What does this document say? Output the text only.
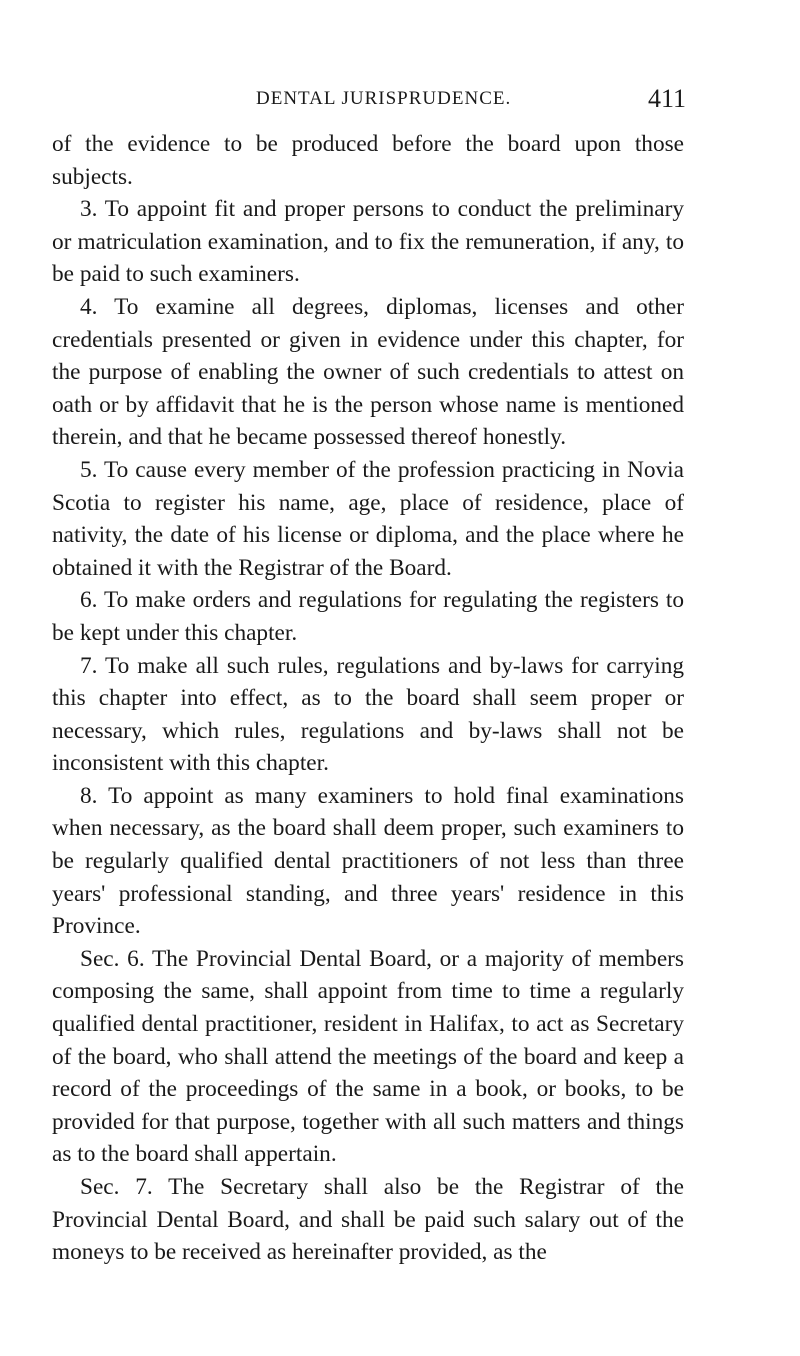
DENTAL JURISPRUDENCE.	411

of the evidence to be produced before the board upon those subjects.

3. To appoint fit and proper persons to conduct the preliminary or matriculation examination, and to fix the remuneration, if any, to be paid to such examiners.

4. To examine all degrees, diplomas, licenses and other credentials presented or given in evidence under this chapter, for the purpose of enabling the owner of such credentials to attest on oath or by affidavit that he is the person whose name is mentioned therein, and that he became possessed thereof honestly.

5. To cause every member of the profession practicing in Novia Scotia to register his name, age, place of residence, place of nativity, the date of his license or diploma, and the place where he obtained it with the Registrar of the Board.

6. To make orders and regulations for regulating the registers to be kept under this chapter.

7. To make all such rules, regulations and by-laws for carrying this chapter into effect, as to the board shall seem proper or necessary, which rules, regulations and by-laws shall not be inconsistent with this chapter.

8. To appoint as many examiners to hold final examinations when necessary, as the board shall deem proper, such examiners to be regularly qualified dental practitioners of not less than three years' professional standing, and three years' residence in this Province.

Sec. 6. The Provincial Dental Board, or a majority of members composing the same, shall appoint from time to time a regularly qualified dental practitioner, resident in Halifax, to act as Secretary of the board, who shall attend the meetings of the board and keep a record of the proceedings of the same in a book, or books, to be provided for that purpose, together with all such matters and things as to the board shall appertain.

Sec. 7. The Secretary shall also be the Registrar of the Provincial Dental Board, and shall be paid such salary out of the moneys to be received as hereinafter provided, as the
